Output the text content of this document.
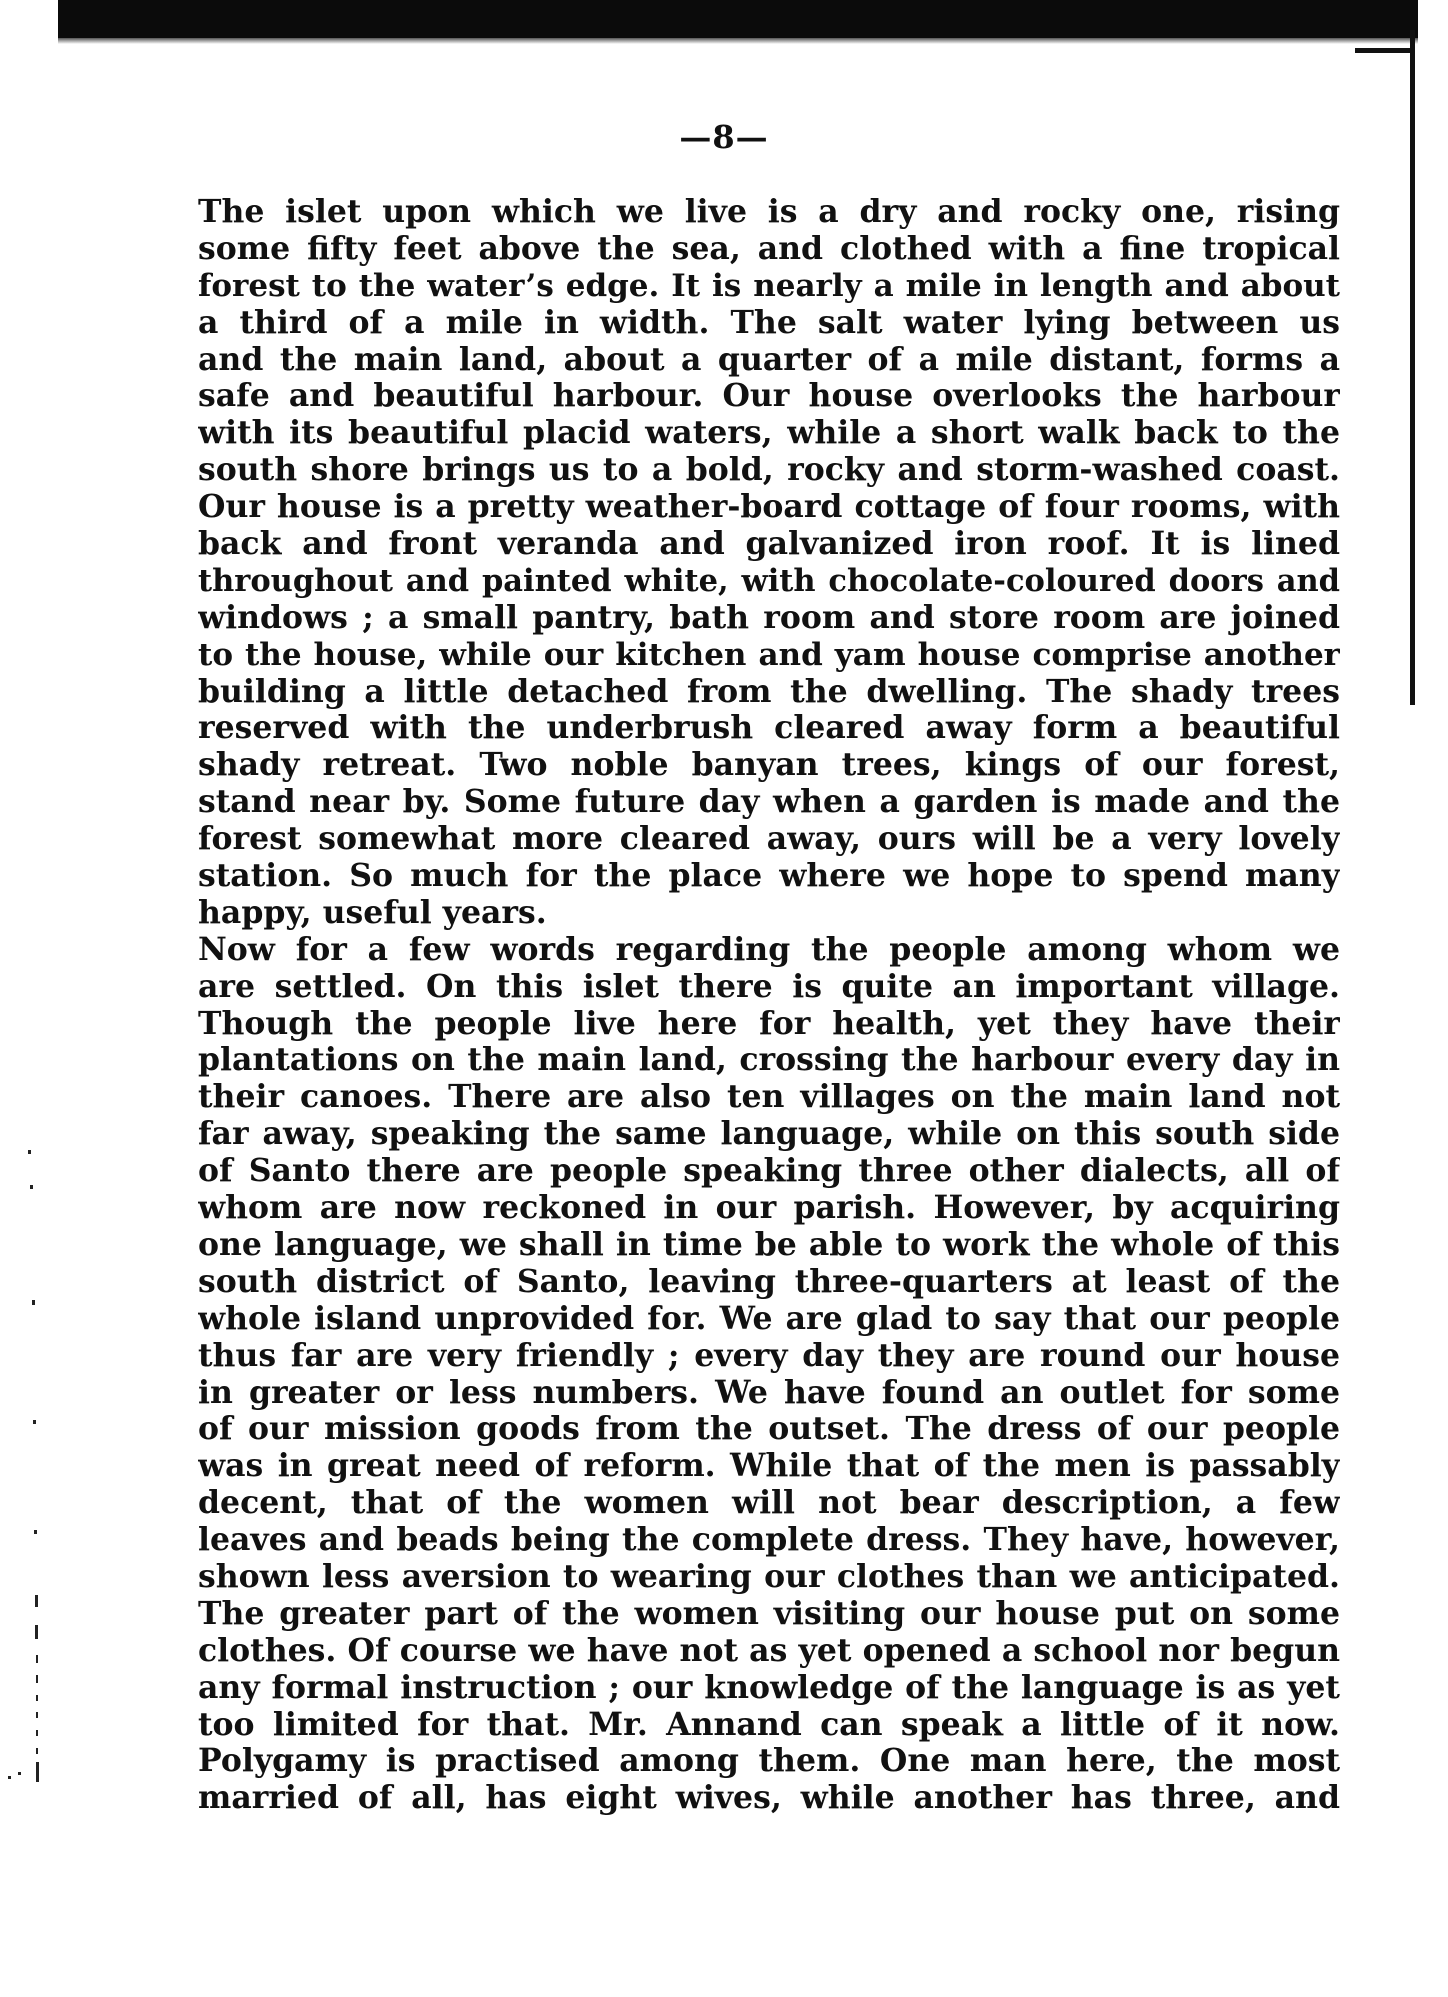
—8—
The islet upon which we live is a dry and rocky one, rising
some fifty feet above the sea, and clothed with a fine tropical
forest to the water’s edge. It is nearly a mile in length and about
a third of a mile in width. The salt water lying between us
and the main land, about a quarter of a mile distant, forms a
safe and beautiful harbour. Our house overlooks the harbour
with its beautiful placid waters, while a short walk back to the
south shore brings us to a bold, rocky and storm-washed coast.
Our house is a pretty weather-board cottage of four rooms, with
back and front veranda and galvanized iron roof. It is lined
throughout and painted white, with chocolate-coloured doors and
windows ; a small pantry, bath room and store room are joined
to the house, while our kitchen and yam house comprise another
building a little detached from the dwelling. The shady trees
reserved with the underbrush cleared away form a beautiful
shady retreat. Two noble banyan trees, kings of our forest,
stand near by. Some future day when a garden is made and the
forest somewhat more cleared away, ours will be a very lovely
station. So much for the place where we hope to spend many
happy, useful years.
Now for a few words regarding the people among whom we
are settled. On this islet there is quite an important village.
Though the people live here for health, yet they have their
plantations on the main land, crossing the harbour every day in
their canoes. There are also ten villages on the main land not
far away, speaking the same language, while on this south side
of Santo there are people speaking three other dialects, all of
whom are now reckoned in our parish. However, by acquiring
one language, we shall in time be able to work the whole of this
south district of Santo, leaving three-quarters at least of the
whole island unprovided for. We are glad to say that our people
thus far are very friendly ; every day they are round our house
in greater or less numbers. We have found an outlet for some
of our mission goods from the outset. The dress of our people
was in great need of reform. While that of the men is passably
decent, that of the women will not bear description, a few
leaves and beads being the complete dress. They have, however,
shown less aversion to wearing our clothes than we anticipated.
The greater part of the women visiting our house put on some
clothes. Of course we have not as yet opened a school nor begun
any formal instruction ; our knowledge of the language is as yet
too limited for that. Mr. Annand can speak a little of it now.
Polygamy is practised among them. One man here, the most
married of all, has eight wives, while another has three, and
